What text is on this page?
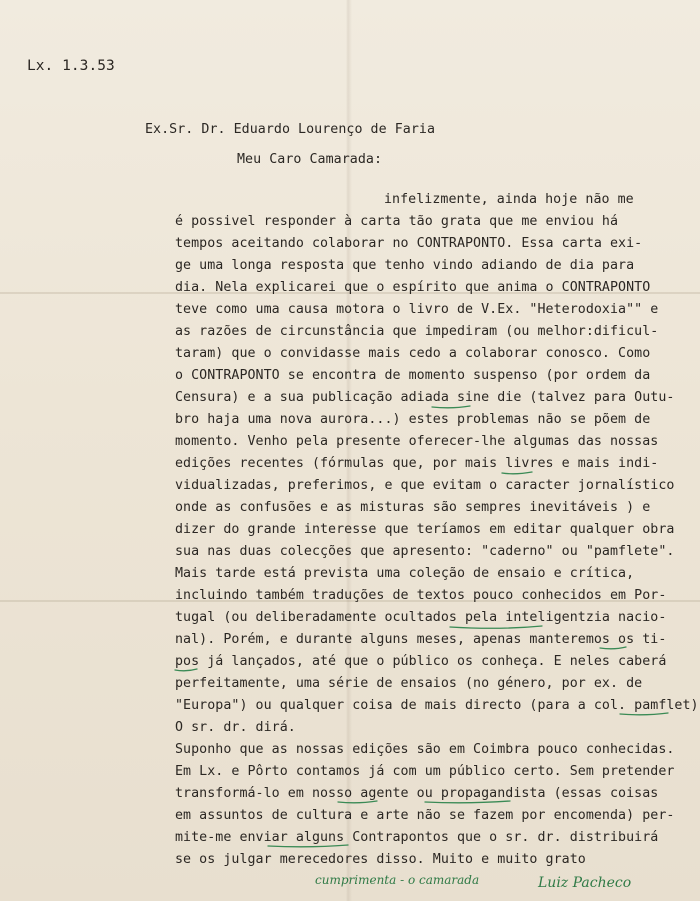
Lx. 1.3.53
Ex.Sr. Dr. Eduardo Lourenço de Faria
Meu Caro Camarada:
infelizmente, ainda hoje não me
é possivel responder à carta tão grata que me enviou há
tempos aceitando colaborar no CONTRAPONTO. Essa carta exi-
ge uma longa resposta que tenho vindo adiando de dia para
dia. Nela explicarei que o espírito que anima o CONTRAPONTO
teve como uma causa motora o livro de V.Ex. "Heterodoxia"" e
as razões de circunstância que impediram (ou melhor:dificul-
taram) que o convidasse mais cedo a colaborar conosco. Como
o CONTRAPONTO se encontra de momento suspenso (por ordem da
Censura) e a sua publicação adiada sine die (talvez para Outu-
bro haja uma nova aurora...) estes problemas não se põem de
momento. Venho pela presente oferecer-lhe algumas das nossas
edições recentes (fórmulas que, por mais livres e mais indi-
vidualizadas, preferimos, e que evitam o caracter jornalístico
onde as confusões e as misturas são sempres inevitáveis ) e
dizer do grande interesse que teríamos em editar qualquer obra
sua nas duas colecções que apresento: "caderno" ou "pamflete".
Mais tarde está prevista uma coleção de ensaio e crítica,
incluindo também traduções de textos pouco conhecidos em Por-
tugal (ou deliberadamente ocultados pela inteligentzia nacio-
nal). Porém, e durante alguns meses, apenas manteremos os ti-
pos já lançados, até que o público os conheça. E neles caberá
perfeitamente, uma série de ensaios (no género, por ex. de
"Europa") ou qualquer coisa de mais directo (para a col. pamflet)
O sr. dr. dirá.
Suponho que as nossas edições são em Coimbra pouco conhecidas.
Em Lx. e Pôrto contamos já com um público certo. Sem pretender
transformá-lo em nosso agente ou propagandista (essas coisas
em assuntos de cultura e arte não se fazem por encomenda) per-
mite-me enviar alguns Contrapontos que o sr. dr. distribuirá
se os julgar merecedores disso. Muito e muito grato
cumprimenta - o camarada	Luiz Pacheco
